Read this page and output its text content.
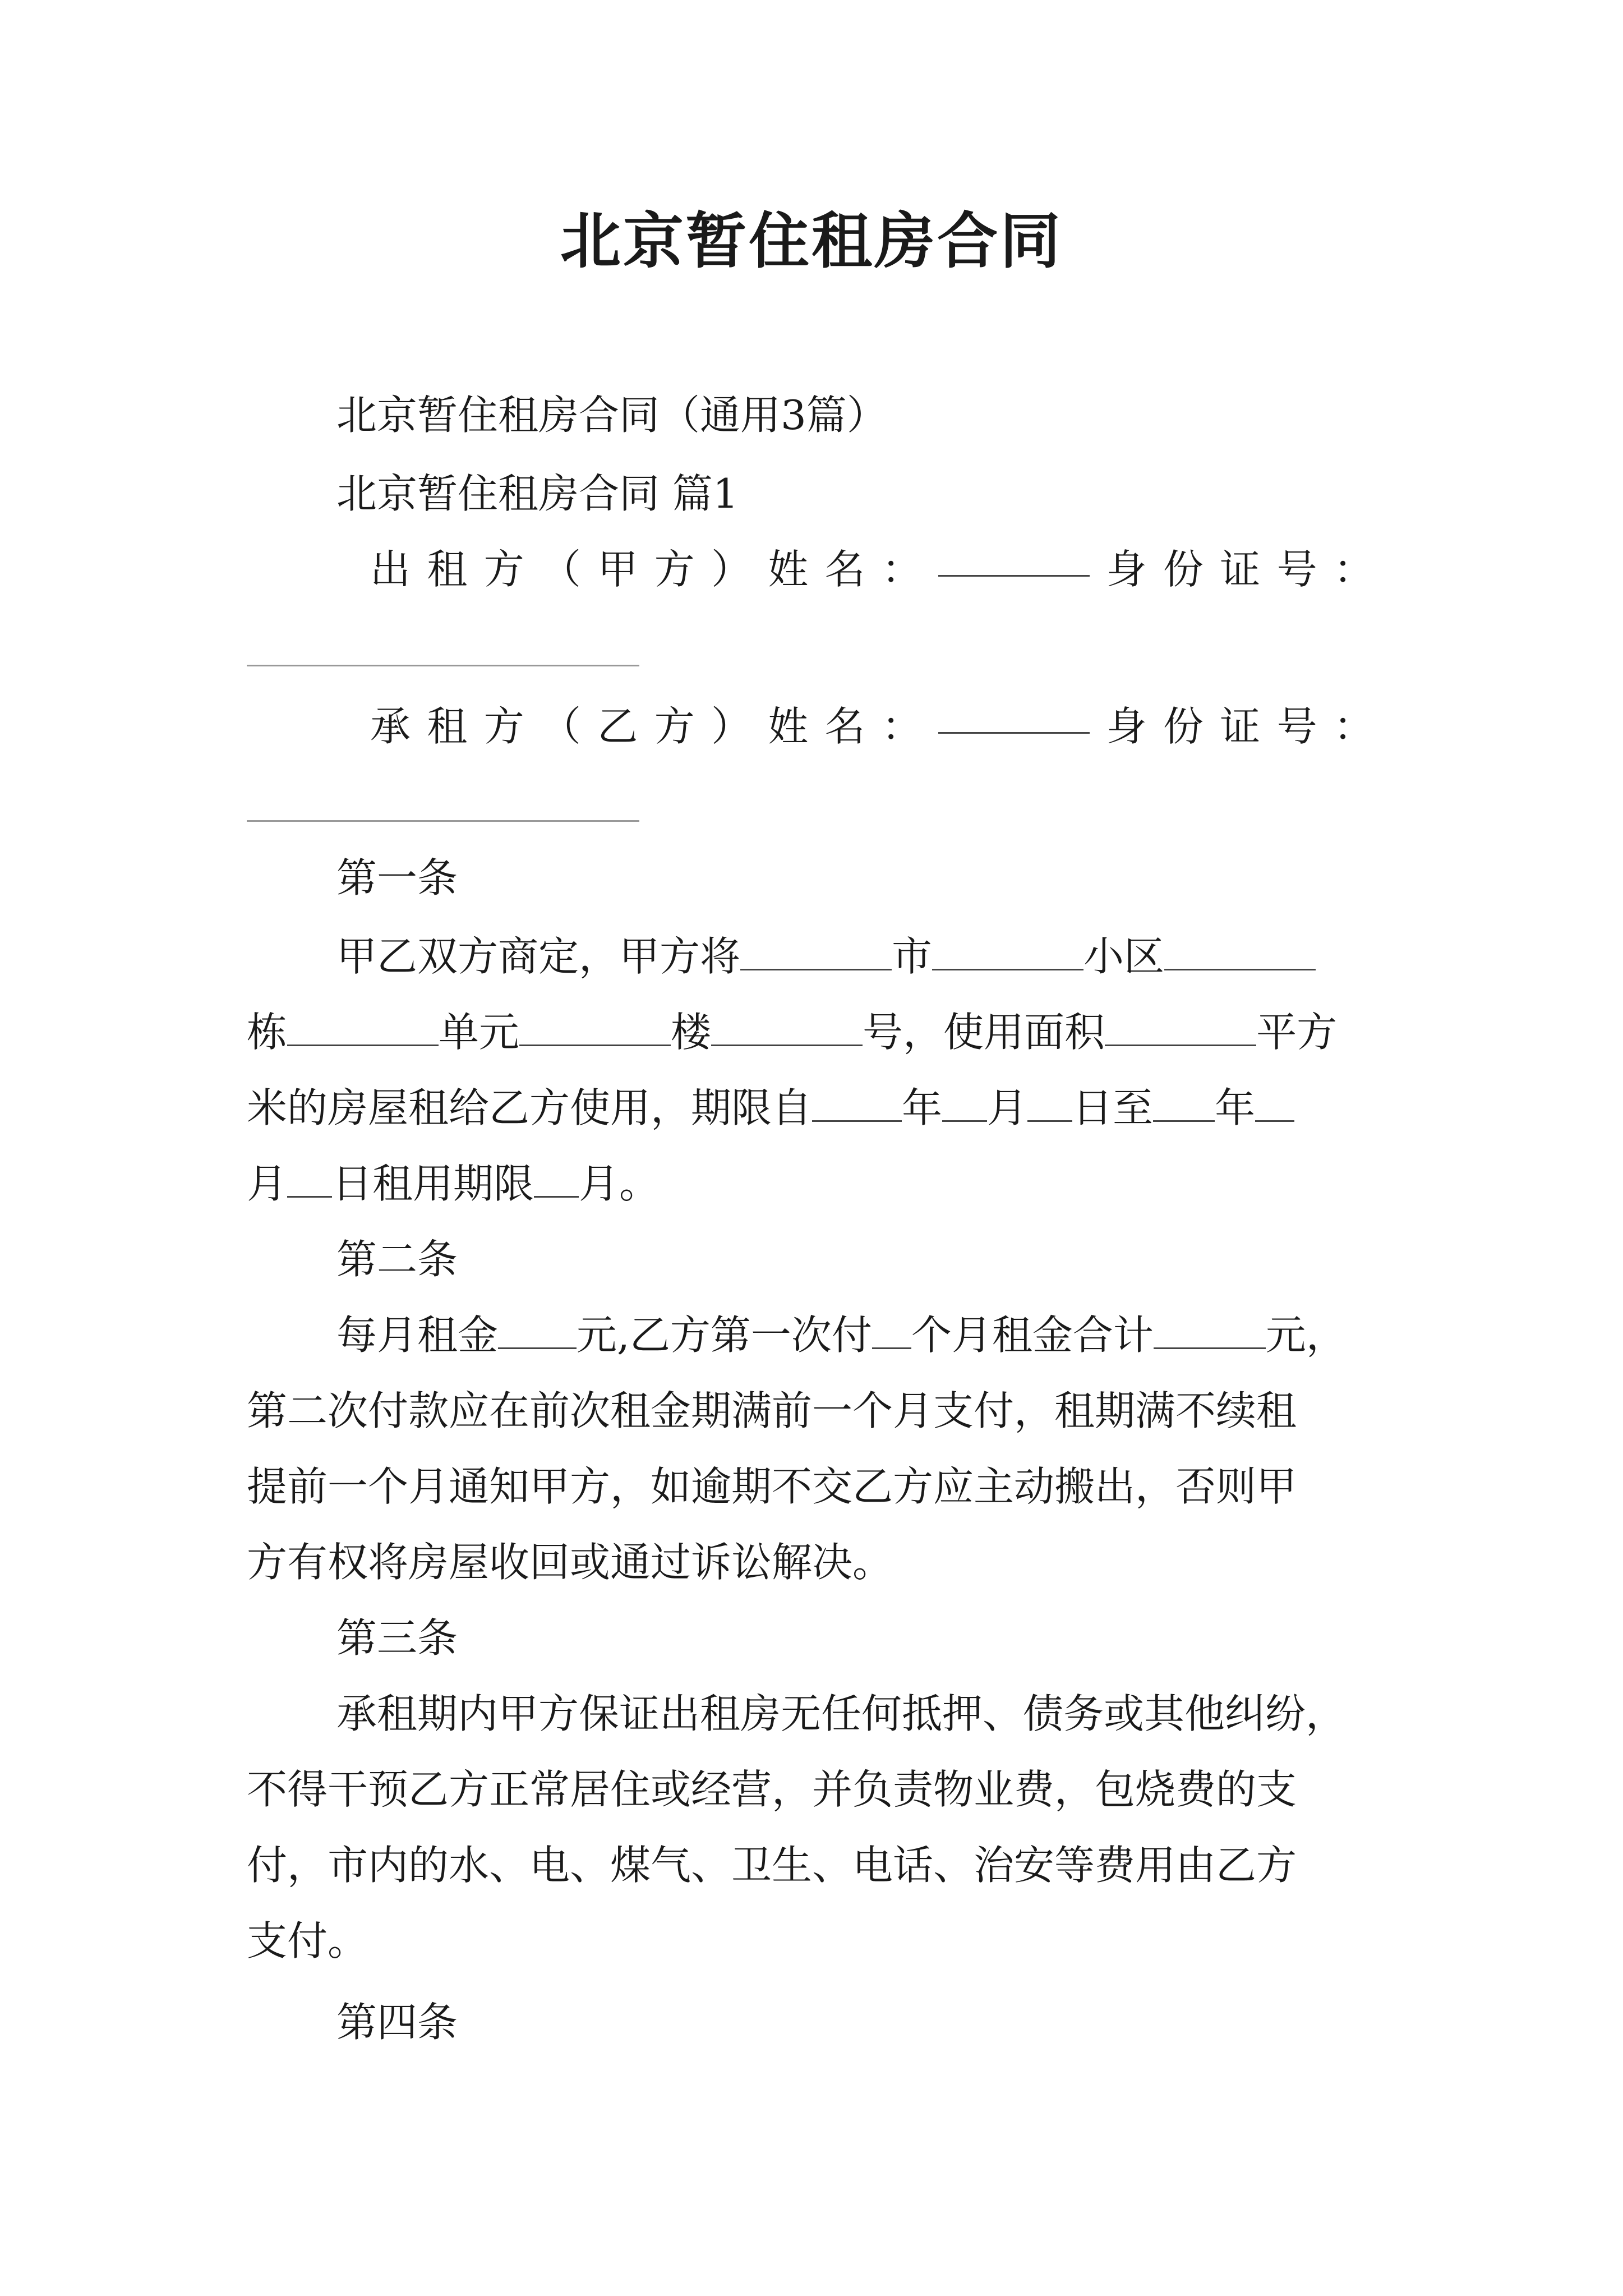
北京暂住租房合同
北京暂住租房合同（通用3篇）
北京暂住租房合同 篇1
出 租 方 （ 甲 方 ） 姓 名 ：	身 份 证 号 ：
承 租 方 （ 乙 方 ） 姓 名 ：	身 份 证 号 ：
第一条
甲乙双方商定，甲方将	市	小区
栋	单元	楼	号，使用面积	平方
米的房屋租给乙方使用，期限自 年 月 日至 年
月 日租用期限 月。
第二条
每月租金 元,乙方第一次付 个月租金合计	元，
第二次付款应在前次租金期满前一个月支付，租期满不续租
提前一个月通知甲方，如逾期不交乙方应主动搬出，否则甲
方有权将房屋收回或通过诉讼解决。
第三条
承租期内甲方保证出租房无任何抵押、债务或其他纠纷，
不得干预乙方正常居住或经营，并负责物业费，包烧费的支
付，市内的水、电、煤气、卫生、电话、治安等费用由乙方
支付。
第四条
